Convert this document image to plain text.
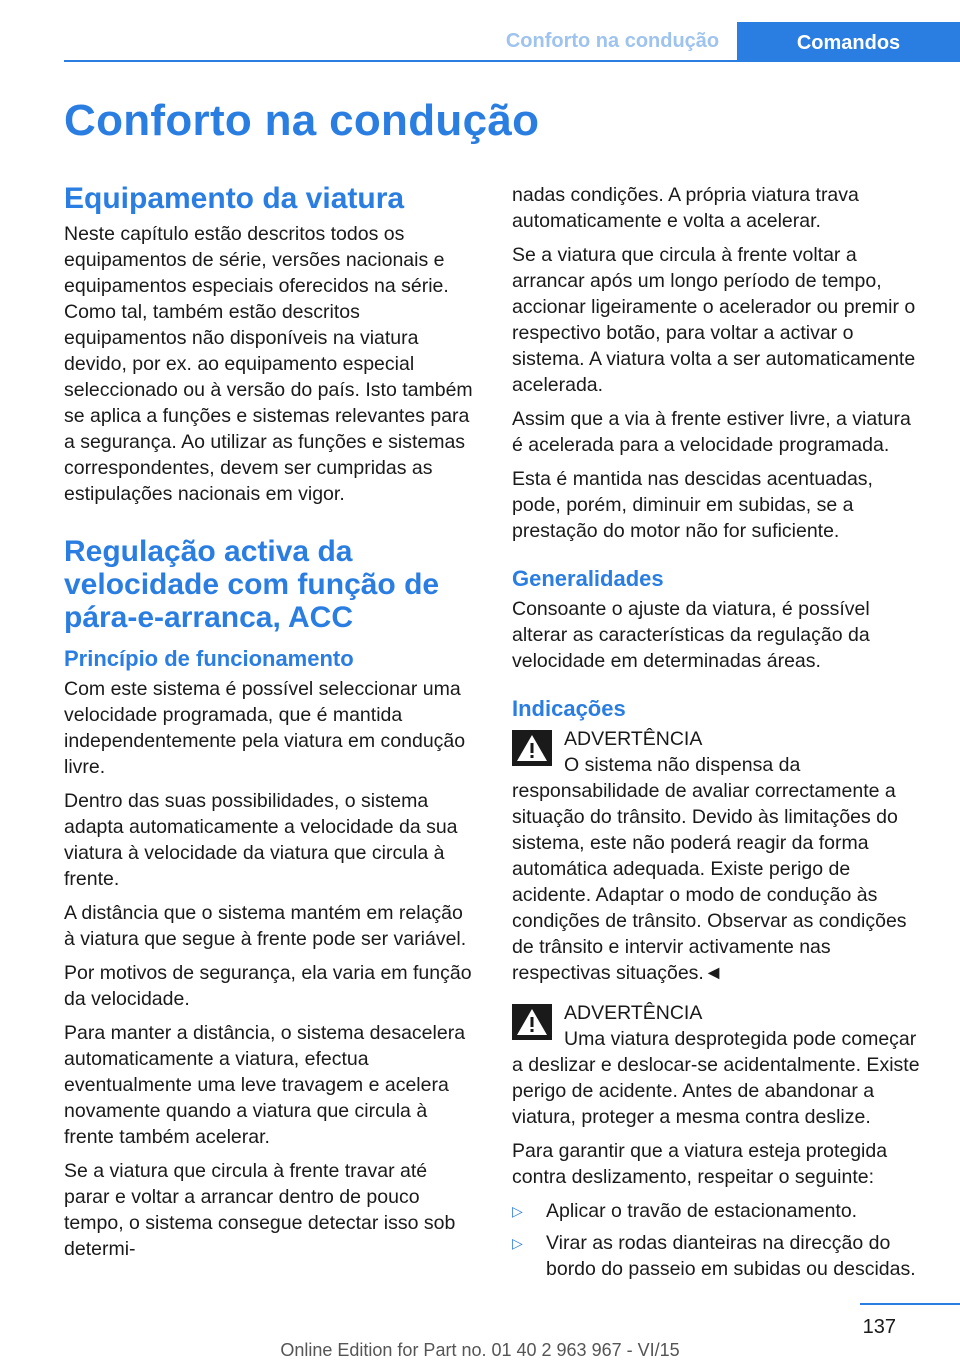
Conforto na condução	Comandos
Conforto na condução
Equipamento da viatura

Neste capítulo estão descritos todos os equipamentos de série, versões nacionais e equipamentos especiais oferecidos na série. Como tal, também estão descritos equipamentos não disponíveis na viatura devido, por ex. ao equipamento especial seleccionado ou à versão do país. Isto também se aplica a funções e sistemas relevantes para a segurança. Ao utilizar as funções e sistemas correspondentes, devem ser cumpridas as estipulações nacionais em vigor.

Regulação activa da velocidade com função de pára-e-arranca, ACC
Princípio de funcionamento

Com este sistema é possível seleccionar uma velocidade programada, que é mantida independentemente pela viatura em condução livre.

Dentro das suas possibilidades, o sistema adapta automaticamente a velocidade da sua viatura à velocidade da viatura que circula à frente.

A distância que o sistema mantém em relação à viatura que segue à frente pode ser variável.

Por motivos de segurança, ela varia em função da velocidade.

Para manter a distância, o sistema desacelera automaticamente a viatura, efectua eventualmente uma leve travagem e acelera novamente quando a viatura que circula à frente também acelerar.

Se a viatura que circula à frente travar até parar e voltar a arrancar dentro de pouco tempo, o sistema consegue detectar isso sob determi-

nadas condições. A própria viatura trava automaticamente e volta a acelerar.

Se a viatura que circula à frente voltar a arrancar após um longo período de tempo, accionar ligeiramente o acelerador ou premir o respectivo botão, para voltar a activar o sistema. A viatura volta a ser automaticamente acelerada.

Assim que a via à frente estiver livre, a viatura é acelerada para a velocidade programada.

Esta é mantida nas descidas acentuadas, pode, porém, diminuir em subidas, se a prestação do motor não for suficiente.

Generalidades

Consoante o ajuste da viatura, é possível alterar as características da regulação da velocidade em determinadas áreas.

Indicações
ADVERTÊNCIA
O sistema não dispensa da responsabilidade de avaliar correctamente a situação do trânsito. Devido às limitações do sistema, este não poderá reagir da forma automática adequada. Existe perigo de acidente. Adaptar o modo de condução às condições de trânsito. Observar as condições de trânsito e intervir activamente nas respectivas situações.◄
ADVERTÊNCIA
Uma viatura desprotegida pode começar a deslizar e deslocar-se acidentalmente. Existe perigo de acidente. Antes de abandonar a viatura, proteger a mesma contra deslize.

Para garantir que a viatura esteja protegida contra deslizamento, respeitar o seguinte:

▷ Aplicar o travão de estacionamento.
▷ Virar as rodas dianteiras na direcção do bordo do passeio em subidas ou descidas.
137
Online Edition for Part no. 01 40 2 963 967 - VI/15
